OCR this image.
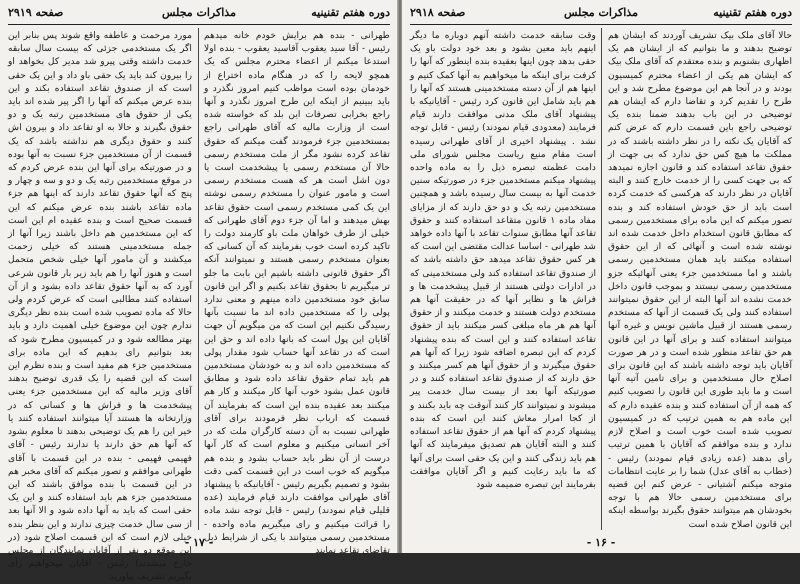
دوره هفتم تقنينيه
مذاكرات مجلس
صفحه ۲۹۱۹

طهرانی - بنده هم برایش خودم خانه میدهم رئیس - آقا سید یعقوب آقاسید یعقوب - بنده اولا استدعا میکنم از اعضاء محترم مجلس که یک همچو لایحه را که در هنگام ماده اختراع از خودمان بوده است مواظب کنیم امروز نگذرد و باید ببینیم از اینکه این طرح امروز نگذرد و آنها راجع بخرابی تصرفات این بلد که خواسته شده است از وزارت مالیه که آقای طهرانی راجع بمستخدمین جزء فرمودند گفت میکنم که حقوق تقاعد کرده نشود مگر از ملت مستخدم رسمی حالا آن مستخدم رسمی یا پیشخدمت است یا دون اشل است هر که هست مستخدم رسمی است و مامور عنوان را مستخدم رسمی نوشته این یک کمی مستخدم رسمی است حقوق تقاعد بهش میدهند و اما آن جزء دوم آقای طهرانی که خیلی از طرف خواهان ملت باو کارمند دولت را تاکید کرده است خوب بفرمایند که آن کسانی که بعنوان مستخدم رسمی هستند و نمیتوانند آنکه اگر حقوق قانونی داشته باشیم این بابت ما جلو تر میگیریم تا بحقوق تقاعد بکنیم و اگر این قانون سابق خود مستخدمین داده مینهم و معنی ندارد پولی را که مستخدمین داده اند ما نسبت بآنها رسیدگی نکنیم این است که من میگویم آن جهت آقایان این پول است که بانها داده اند و حق این است که در تقاعد آنها حساب شود مقدار پولی که مستخدمین داده اند و به خودشان مستخدمین هم باید تمام حقوق تقاعد داده شود و مطابق قانون عمل بشود خوب آنها کار میکنند و کار هم میکنند بعد عقیده بنده این است که بفرمایند آن قسمت که ارباب نظر فرمودند برای آقای طهرانی نسبت به آن دسته کارگران ملت که در آخر انسانی میکنیم و معلوم است که کار آنها درست از آن نظر باید حساب بشود و بنده هم میگویم که خوب است در این قسمت کمی دقت بشود و تصمیم بگیریم رئیس - آقایانیکه با پیشنهاد آقای طهرانی موافقت دارند قیام فرمایند (عده قلیلی قیام نمودند) رئیس - قابل توجه نشد ماده را قرائت میکنیم و رای میگیریم ماده واحده - مستخدمین رسمی میتوانند با یکی از شرایط ذیل تقاضای تقاعد نمایند

مورد مرحمت و عاطفه واقع شوند پس بنابر این اگر یک مستخدمی جزئی که بیست سال سابقه خدمت داشته وقتی پیرو شد مدیر کل بخواهد او را بیرون کند باید یک حقی باو داد و این یک حقی است که از صندوق تقاعد استفاده بکند و این بنده عرض میکنم که آنها را اگر پیر شده اند باید یکی از حقوق های مستخدمین رتبه یک و دو حقوق بگیرند و حالا به او تقاعد داد و بیرون اش کنند و حقوق دیگری هم نداشته باشد که یک قسمت از آن مستخدمین جزء نسبت به آنها بوده و در صورتیکه برای آنها این بنده عرض کردم که در موقع مستخدمین رتبه یک و دو و سه و چهار و پنج که آنها حقوق تقاعد دارند که اینها هم جزء ماده تقاعد باشند بنده عرض میکنم که این قسمت صحیح است و بنده عقیده ام این است که این مستخدمین هم داخل باشند زیرا آنها از جمله مستخدمینی هستند که خیلی زحمت میکشند و آن مامور آنها خیلی شخص متحمل است و هنوز آنها را هم باید زیر بار قانون شرعی آورد که به آنها حقوق تقاعد داده بشود و از آن استفاده کنند مطالبی است که عرض کردم ولی حالا که ماده تصویب شده است بنده نظر دیگری ندارم چون این موضوع خیلی اهمیت دارد و باید بهتر مطالعه شود و در کمیسیون مطرح شود که بعد بتوانیم رای بدهیم که این ماده برای مستخدمین جزء هم مفید است و بنده نظرم این است که این قضیه را یک قدری توضیح بدهند آقای وزیر مالیه که این مستخدمین جزء یعنی پیشخدمت ها و فراش ها و کسانی که در وزارتخانه ها هستند آیا میتوانند استفاده کنند یا خیر این را هم یک توضیحی بدهند تا معلوم بشود که آنها هم حق دارند یا ندارند رئیس - آقای فهیمی فهیمی - بنده در این قسمت با آقای طهرانی موافقم و تصور میکنم که آقای مخبر هم در این قسمت با بنده موافق باشند که این مستخدمین جزء هم باید استفاده کنند و این یک حقی است که باید به آنها داده شود و الا آنها بعد از سی سال خدمت چیزی ندارند و این بنظر بنده خیلی لازم است که این قسمت اصلاح شود (در این موقع دو نفر از آقایان نمایندگان از مجلس خارج میشدند) رئیس - آقایان میخواهیم رأی بگیریم تشریف بیاورید

- ۱۷ -
دوره هفتم تقنينيه
مذاكرات مجلس
صفحه ۲۹۱۸

حالا آقای ملک بیک تشریف آوردند که ایشان هم توضیح بدهند و ما بتوانیم که از ایشان هم یک اظهاری بشنویم و بنده معتقدم که آقای ملک بیک که ایشان هم یکی از اعضاء محترم کمیسیون بودند و در آنجا هم این موضوع مطرح شد و این طرح را تقدیم کرد و تقاضا دارم که ایشان هم توضیحی در این باب بدهند ضمنا بنده یک توضیحی راجع باین قسمت دارم که عرض کنم که آقایان یک نکته را در نظر داشته باشند که در مملکت ما هیچ کس حق ندارد که بی جهت از حقوق تقاعد استفاده کند و قانون اجازه نمیدهد که بی جهت کسی را از خدمت خارج کنند و البته آقایان در نظر دارند که هرکسی که خدمت کرده است باید از حق خودش استفاده کند و بنده تصور میکنم که این ماده برای مستخدمین رسمی که مطابق قانون استخدام داخل خدمت شده اند نوشته شده است و آنهائی که از این حقوق استفاده میکنند باید همان مستخدمین رسمی باشند و اما مستخدمین جزء یعنی آنهائیکه جزو مستخدمین رسمی نیستند و بموجب قانون داخل خدمت نشده اند آنها البته از این حقوق نمیتوانند استفاده کنند ولی یک قسمت از آنها که مستخدم رسمی هستند از قبیل ماشین نویس و غیره آنها میتوانند استفاده کنند و برای آنها در این قانون هم حق تقاعد منظور شده است و در هر صورت آقایان باید توجه داشته باشند که این قانون برای اصلاح حال مستخدمین و برای تامین آتیه آنها است و ما باید طوری این قانون را تصویب کنیم که همه از آن استفاده کنند و بنده عقیده دارم که این ماده هم به همین ترتیب که در کمیسیون تصویب شده است خوب است و اصلاح لازم ندارد و بنده موافقم که آقایان با همین ترتیب رأی بدهند (عده زیادی قیام نمودند) رئیس - (خطاب به آقای عدل) شما را بر عایت انتظامات متوجه میکنم آشتیانی - عرض کنم این قضیه برای مستخدمین رسمی حالا هم با توجه بخودشان هم میتوانند حقوق بگیرند بواسطه اینکه این قانون اصلاح شده است

وقت سابقه خدمت داشته آنهم دوباره ما دیگر اینهم باید معین بشود و بعد خود دولت باو یک حقی بدهد چون اینها بعقیده بنده اینطور که آنها را کرفت برای اینکه ما میخواهیم به آنها کمک کنیم و اینها هم از آن دسته مستخدمینی هستند که آنها را هم باید شامل این قانون کرد رئیس - آقایانیکه با پیشنهاد آقای ملک مدنی موافقت دارند قیام فرمایند (معدودی قیام نمودند) رئیس - قابل توجه نشد . پیشنهاد اخیری از آقای طهرانی رسیده است مقام منیع ریاست مجلس شورای ملی دامت عظمته تبصره ذیل را به ماده واحده پیشنهاد میکنم مستخدمین جزء در صورتیکه سنین خدمت آنها به بیست سال رسیده باشد و همچنین مستخدمین رتبه یک و دو حق دارند که از مزایای مفاد ماده ۱ قانون متقاعد استفاده کنند و حقوق تقاعد آنها مطابق سنوات تقاعد با آنها داده خواهد شد طهرانی - اساسا عدالت مقتضی این است که هر کس حقوق تقاعد میدهد حق داشته باشد که از صندوق تقاعد استفاده کند ولی مستخدمینی که در ادارات دولتی هستند از قبیل پیشخدمت ها و فراش ها و نظایر آنها که در حقیقت آنها هم مستخدم دولت هستند و خدمت میکنند و از حقوق آنها هم هر ماه مبلغی کسر میکنند باید از حقوق تقاعد استفاده کنند و این است که بنده پیشنهاد کردم که این تبصره اضافه شود زیرا که آنها هم حقوق میگیرند و از حقوق آنها هم کسر میکنند و حق دارند که از صندوق تقاعد استفاده کنند و در صورتیکه آنها بعد از بیست سال خدمت پیر میشوند و نمیتوانند کار کنند آنوقت چه باید بکنند و از کجا امرار معاش کنند این است که بنده پیشنهاد کردم که آنها هم از حقوق تقاعد استفاده کنند و البته آقایان هم تصدیق میفرمایند که آنها هم باید زندگی کنند و این یک حقی است برای آنها که ما باید رعایت کنیم و اگر آقایان موافقت بفرمایند این تبصره ضمیمه شود

- ۱۶ -
